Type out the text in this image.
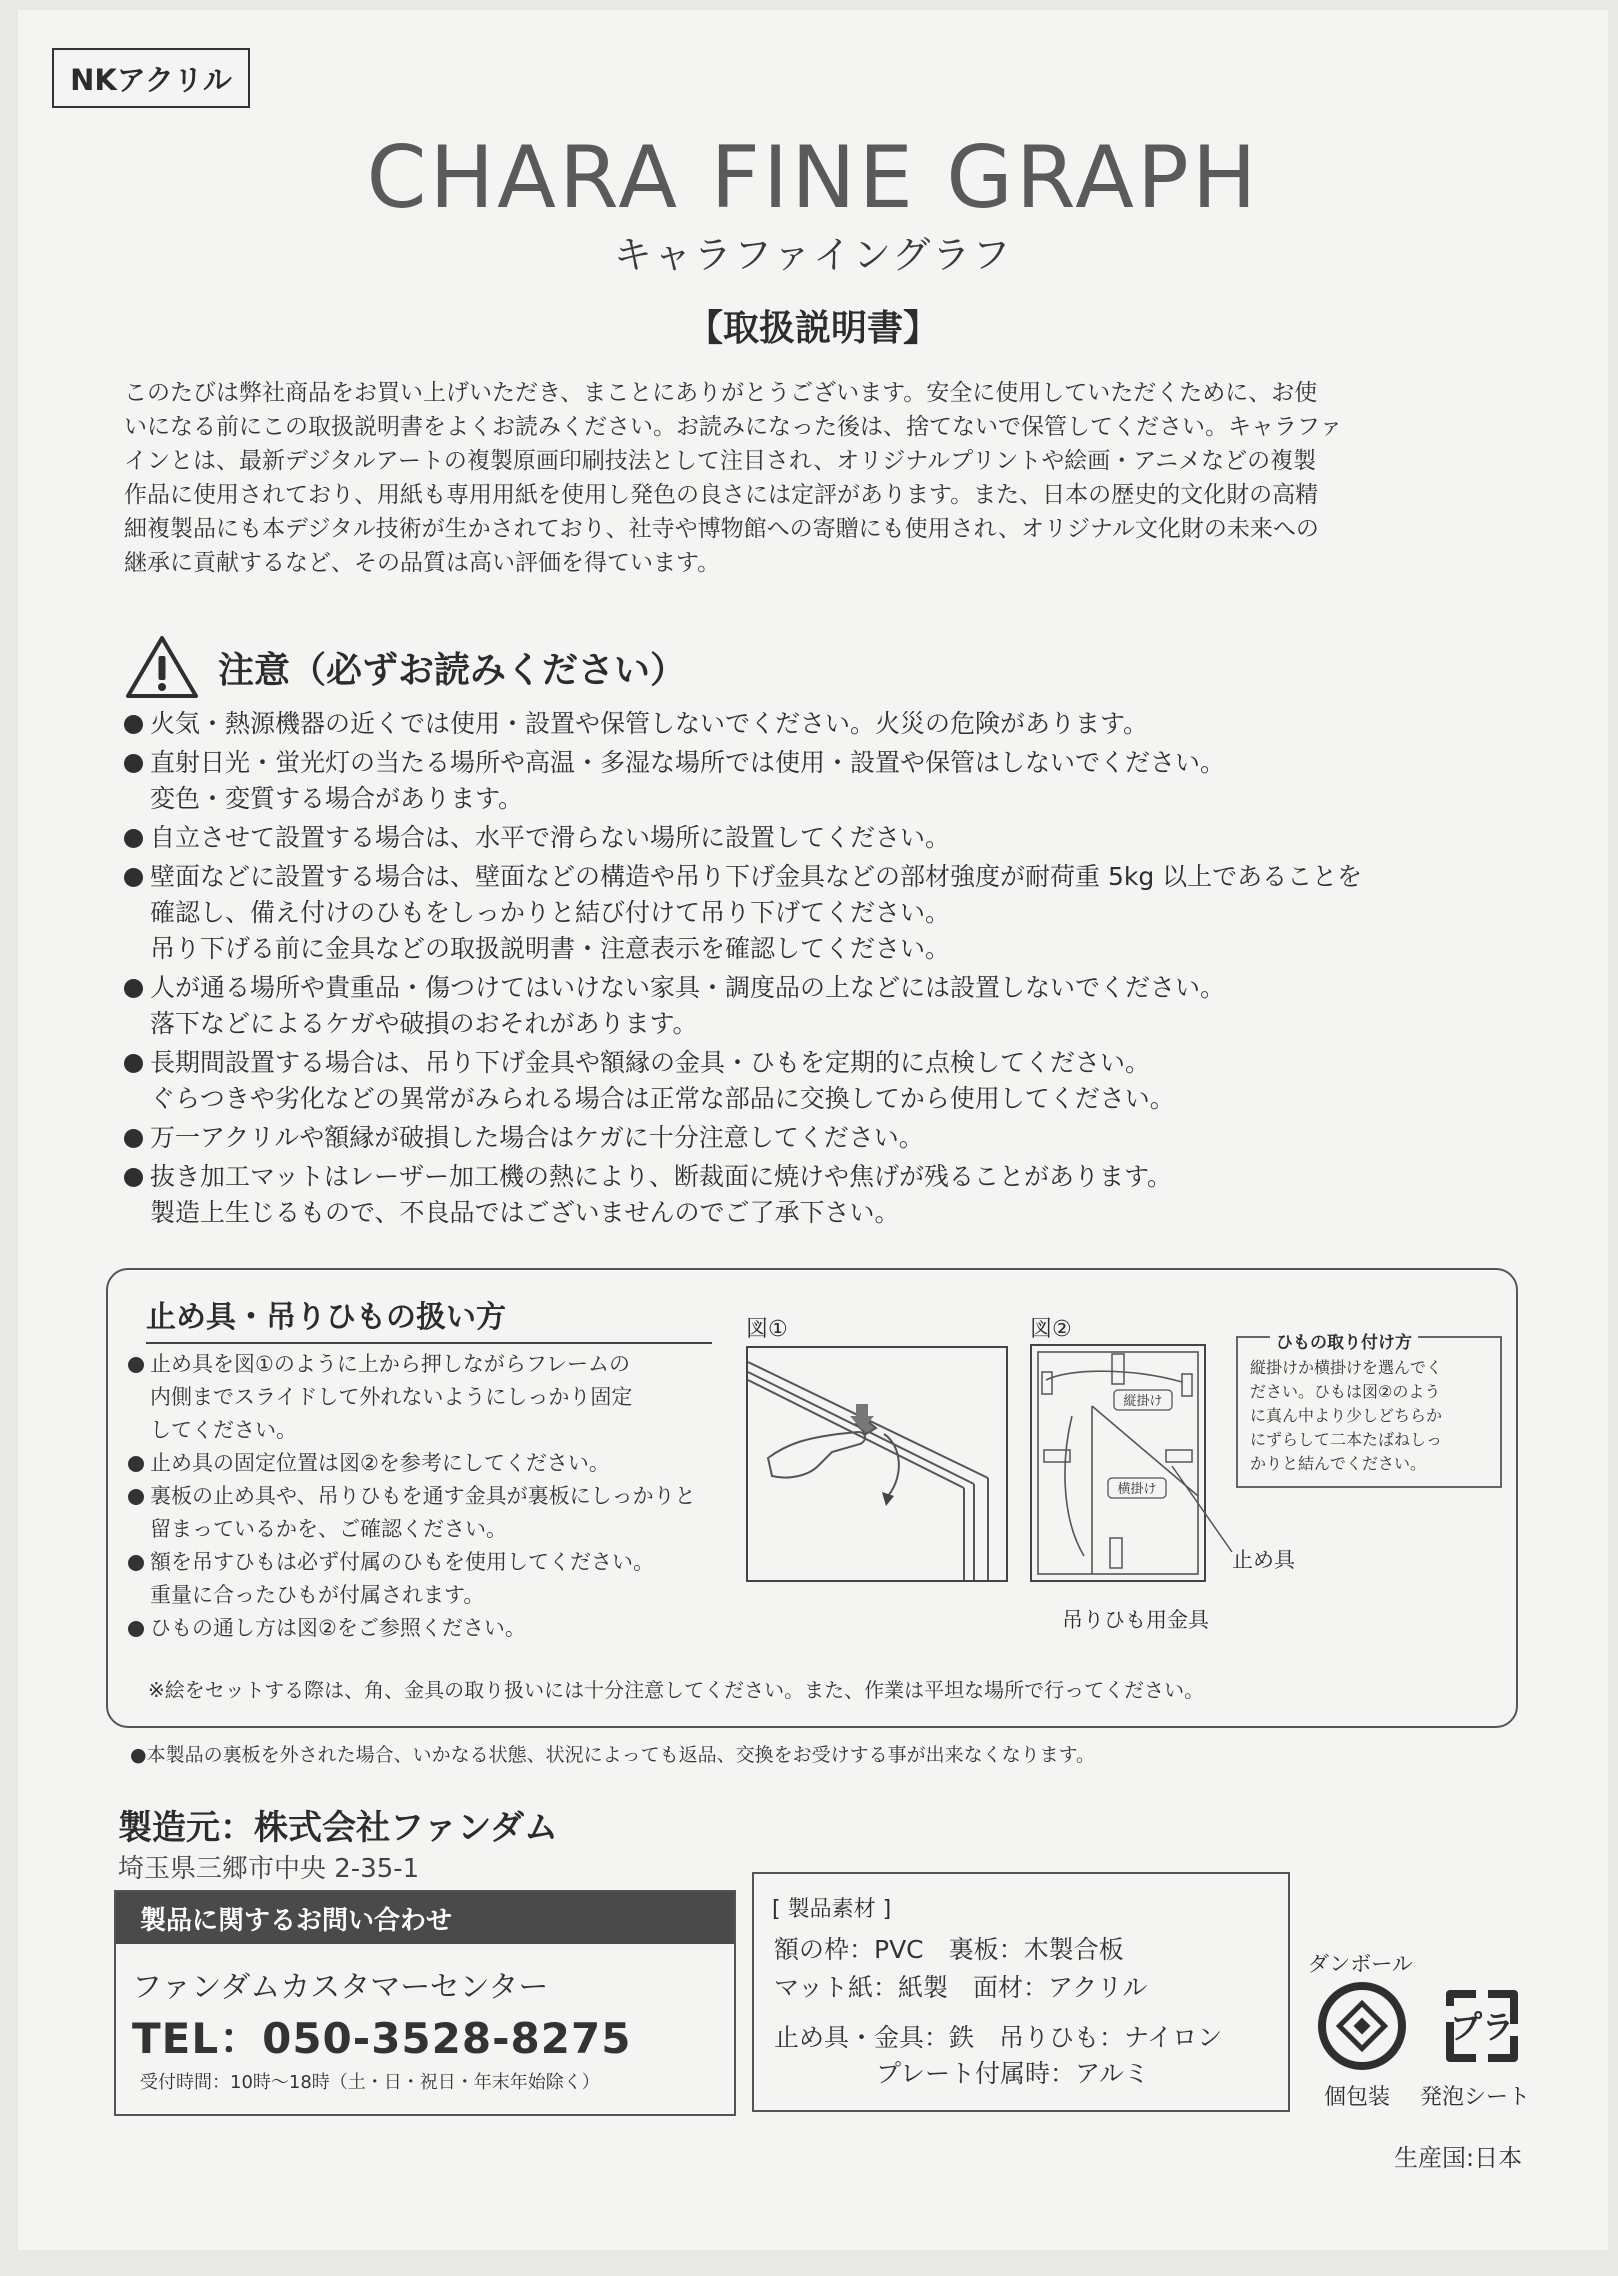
NKアクリル
CHARA FINE GRAPH
キャラファイングラフ
【取扱説明書】
このたびは弊社商品をお買い上げいただき、まことにありがとうございます。安全に使用していただくために、お使
いになる前にこの取扱説明書をよくお読みください。お読みになった後は、捨てないで保管してください。キャラファ
インとは、最新デジタルアートの複製原画印刷技法として注目され、オリジナルプリントや絵画・アニメなどの複製
作品に使用されており、用紙も専用用紙を使用し発色の良さには定評があります。また、日本の歴史的文化財の高精
細複製品にも本デジタル技術が生かされており、社寺や博物館への寄贈にも使用され、オリジナル文化財の未来への
継承に貢献するなど、その品質は高い評価を得ています。
注意（必ずお読みください）
火気・熱源機器の近くでは使用・設置や保管しないでください。火災の危険があります。
直射日光・蛍光灯の当たる場所や高温・多湿な場所では使用・設置や保管はしないでください。
変色・変質する場合があります。
自立させて設置する場合は、水平で滑らない場所に設置してください。
壁面などに設置する場合は、壁面などの構造や吊り下げ金具などの部材強度が耐荷重 5kg 以上であることを
確認し、備え付けのひもをしっかりと結び付けて吊り下げてください。
吊り下げる前に金具などの取扱説明書・注意表示を確認してください。
人が通る場所や貴重品・傷つけてはいけない家具・調度品の上などには設置しないでください。
落下などによるケガや破損のおそれがあります。
長期間設置する場合は、吊り下げ金具や額縁の金具・ひもを定期的に点検してください。
ぐらつきや劣化などの異常がみられる場合は正常な部品に交換してから使用してください。
万一アクリルや額縁が破損した場合はケガに十分注意してください。
抜き加工マットはレーザー加工機の熱により、断裁面に焼けや焦げが残ることがあります。
製造上生じるもので、不良品ではございませんのでご了承下さい。
止め具・吊りひもの扱い方
止め具を図①のように上から押しながらフレームの
内側までスライドして外れないようにしっかり固定
してください。
止め具の固定位置は図②を参考にしてください。
裏板の止め具や、吊りひもを通す金具が裏板にしっかりと
留まっているかを、ご確認ください。
額を吊すひもは必ず付属のひもを使用してください。
重量に合ったひもが付属されます。
ひもの通し方は図②をご参照ください。
図①	図②
縦掛け
横掛け
ひもの取り付け方
縦掛けか横掛けを選んでく
ださい。ひもは図②のよう
に真ん中より少しどちらか
にずらして二本たばねしっ
かりと結んでください。
止め具
吊りひも用金具
※絵をセットする際は、角、金具の取り扱いには十分注意してください。また、作業は平坦な場所で行ってください。
●本製品の裏板を外された場合、いかなる状態、状況によっても返品、交換をお受けする事が出来なくなります。
製造元：株式会社ファンダム
埼玉県三郷市中央 2-35-1
製品に関するお問い合わせ
ファンダムカスタマーセンター
TEL：050-3528-8275
受付時間：10時〜18時（土・日・祝日・年末年始除く）
[ 製品素材 ]
額の枠：PVC　裏板：木製合板
マット紙：紙製　面材：アクリル
止め具・金具：鉄　吊りひも：ナイロン
プレート付属時：アルミ
ダンボール
プラ
個包装 発泡シート
生産国:日本
